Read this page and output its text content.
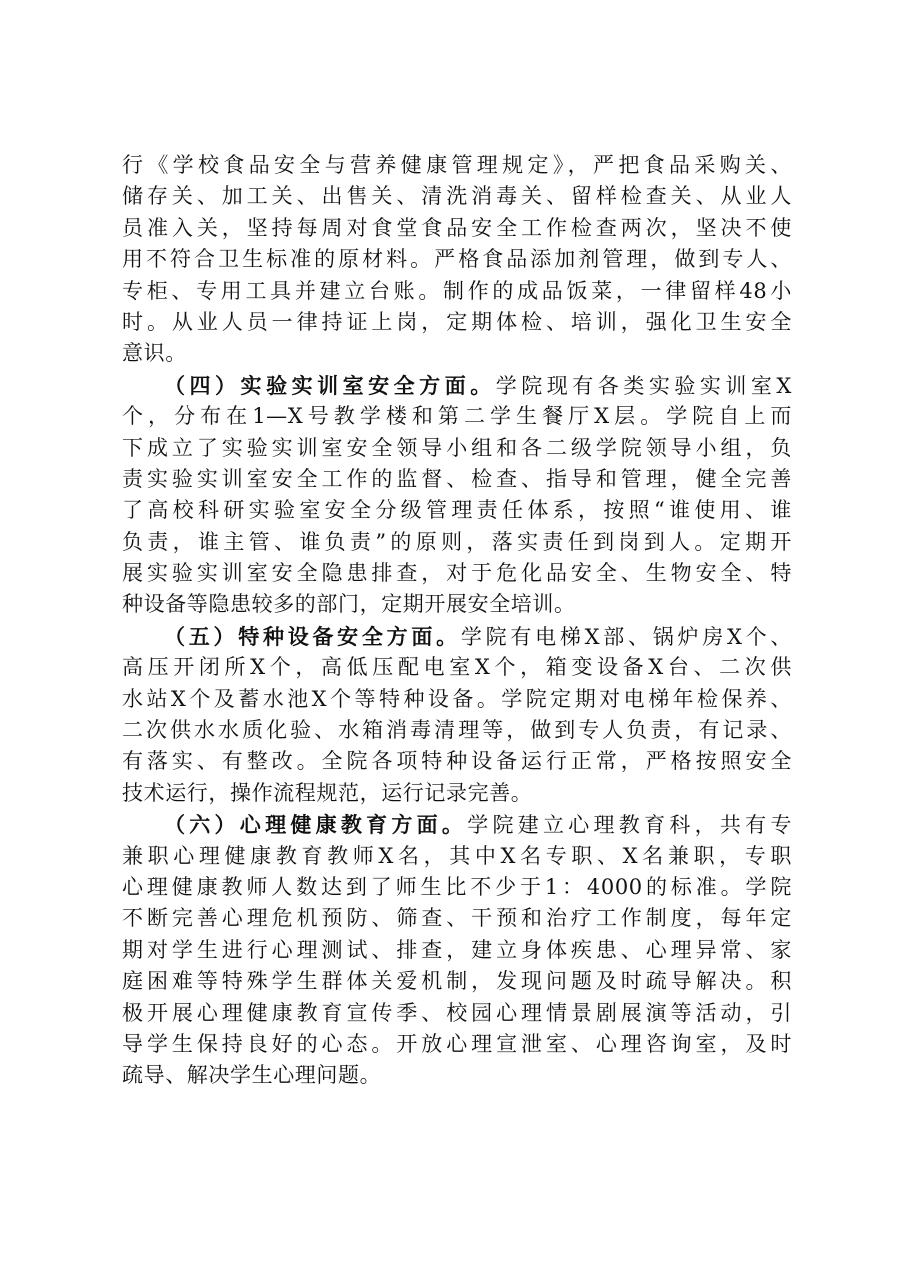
行《学校食品安全与营养健康管理规定》，严把食品采购关、
储存关、加工关、出售关、清洗消毒关、留样检查关、从业人
员准入关，坚持每周对食堂食品安全工作检查两次，坚决不使
用不符合卫生标准的原材料。严格食品添加剂管理，做到专人、
专柜、专用工具并建立台账。制作的成品饭菜，一律留样48小
时。从业人员一律持证上岗，定期体检、培训，强化卫生安全
意识。
（四）实验实训室安全方面。学院现有各类实验实训室X
个，分布在1—X号教学楼和第二学生餐厅X层。学院自上而
下成立了实验实训室安全领导小组和各二级学院领导小组，负
责实验实训室安全工作的监督、检查、指导和管理，健全完善
了高校科研实验室安全分级管理责任体系，按照“谁使用、谁
负责，谁主管、谁负责”的原则，落实责任到岗到人。定期开
展实验实训室安全隐患排查，对于危化品安全、生物安全、特
种设备等隐患较多的部门，定期开展安全培训。
（五）特种设备安全方面。学院有电梯X部、锅炉房X个、
高压开闭所X个，高低压配电室X个，箱变设备X台、二次供
水站X个及蓄水池X个等特种设备。学院定期对电梯年检保养、
二次供水水质化验、水箱消毒清理等，做到专人负责，有记录、
有落实、有整改。全院各项特种设备运行正常，严格按照安全
技术运行，操作流程规范，运行记录完善。
（六）心理健康教育方面。学院建立心理教育科，共有专
兼职心理健康教育教师X名，其中X名专职、X名兼职，专职
心理健康教师人数达到了师生比不少于1：4000的标准。学院
不断完善心理危机预防、筛查、干预和治疗工作制度，每年定
期对学生进行心理测试、排查，建立身体疾患、心理异常、家
庭困难等特殊学生群体关爱机制，发现问题及时疏导解决。积
极开展心理健康教育宣传季、校园心理情景剧展演等活动，引
导学生保持良好的心态。开放心理宣泄室、心理咨询室，及时
疏导、解决学生心理问题。
